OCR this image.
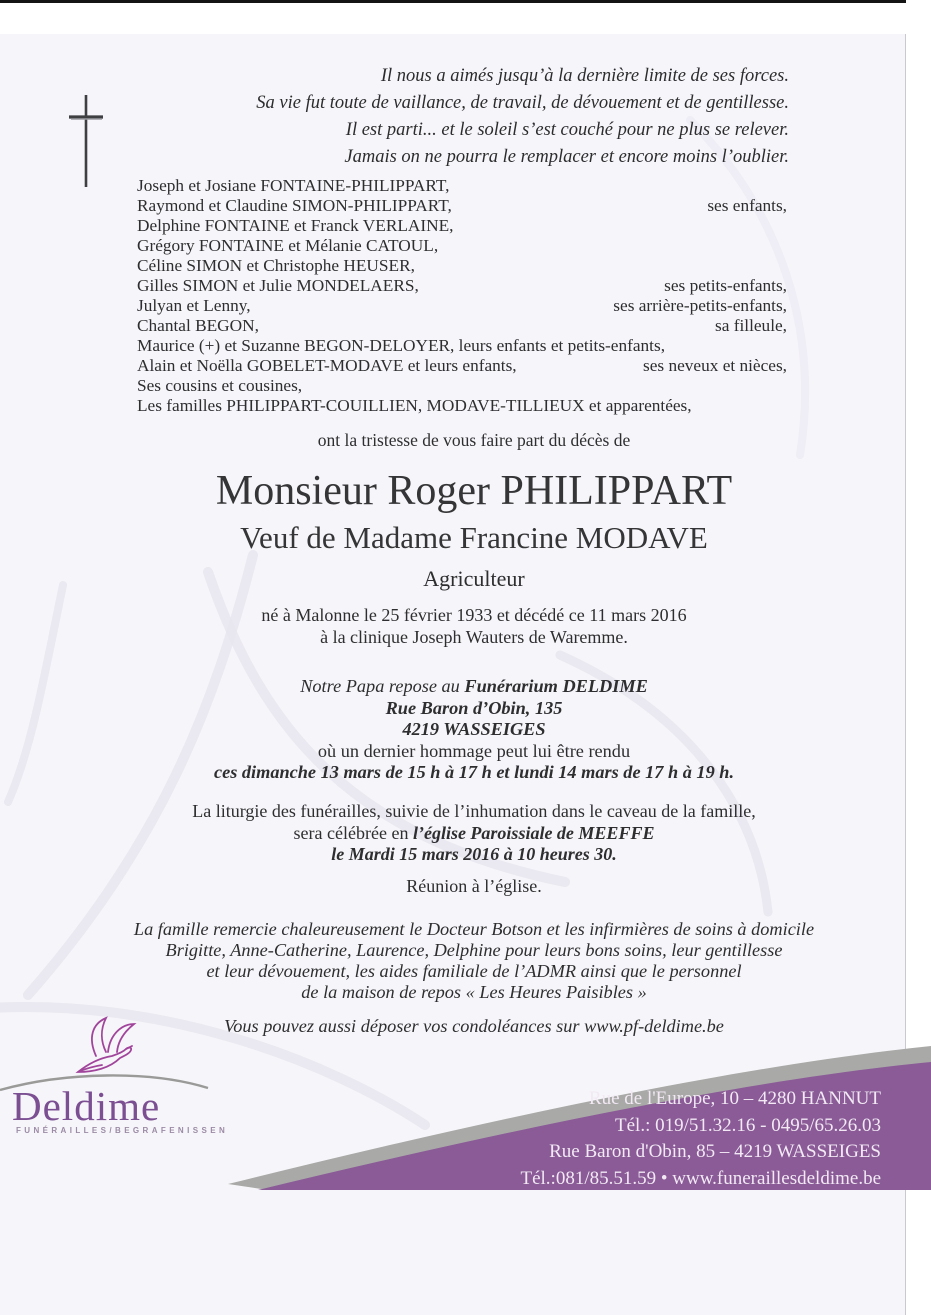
Il nous a aimés jusqu’à la dernière limite de ses forces.
Sa vie fut toute de vaillance, de travail, de dévouement et de gentillesse.
Il est parti... et le soleil s’est couché pour ne plus se relever.
Jamais on ne pourra le remplacer et encore moins l’oublier.
Joseph et Josiane FONTAINE-PHILIPPART,
Raymond et Claudine SIMON-PHILIPPART,	ses enfants,
Delphine FONTAINE et Franck VERLAINE,
Grégory FONTAINE et Mélanie CATOUL,
Céline SIMON et Christophe HEUSER,
Gilles SIMON et Julie MONDELAERS,	ses petits-enfants,
Julyan et Lenny,	ses arrière-petits-enfants,
Chantal BEGON,	sa filleule,
Maurice (+) et Suzanne BEGON-DELOYER, leurs enfants et petits-enfants,
Alain et Noëlla GOBELET-MODAVE et leurs enfants,	ses neveux et nièces,
Ses cousins et cousines,
Les familles PHILIPPART-COUILLIEN, MODAVE-TILLIEUX et apparentées,
ont la tristesse de vous faire part du décès de
Monsieur Roger PHILIPPART
Veuf de Madame Francine MODAVE
Agriculteur
né à Malonne le 25 février 1933 et décédé ce 11 mars 2016
à la clinique Joseph Wauters de Waremme.
Notre Papa repose au Funérarium DELDIME
Rue Baron d’Obin, 135
4219 WASSEIGES
où un dernier hommage peut lui être rendu
ces dimanche 13 mars de 15 h à 17 h et lundi 14 mars de 17 h à 19 h.
La liturgie des funérailles, suivie de l’inhumation dans le caveau de la famille,
sera célébrée en l’église Paroissiale de MEEFFE
le Mardi 15 mars 2016 à 10 heures 30.
Réunion à l’église.
La famille remercie chaleureusement le Docteur Botson et les infirmières de soins à domicile
Brigitte, Anne-Catherine, Laurence, Delphine pour leurs bons soins, leur gentillesse
et leur dévouement, les aides familiale de l’ADMR ainsi que le personnel
de la maison de repos « Les Heures Paisibles »
Vous pouvez aussi déposer vos condoléances sur www.pf-deldime.be
Deldime
FUNÉRAILLES/BEGRAFENISSEN
Rue de l'Europe, 10 – 4280 HANNUT
Tél.: 019/51.32.16 - 0495/65.26.03
Rue Baron d'Obin, 85 – 4219 WASSEIGES
Tél.:081/85.51.59 • www.funeraillesdeldime.be
